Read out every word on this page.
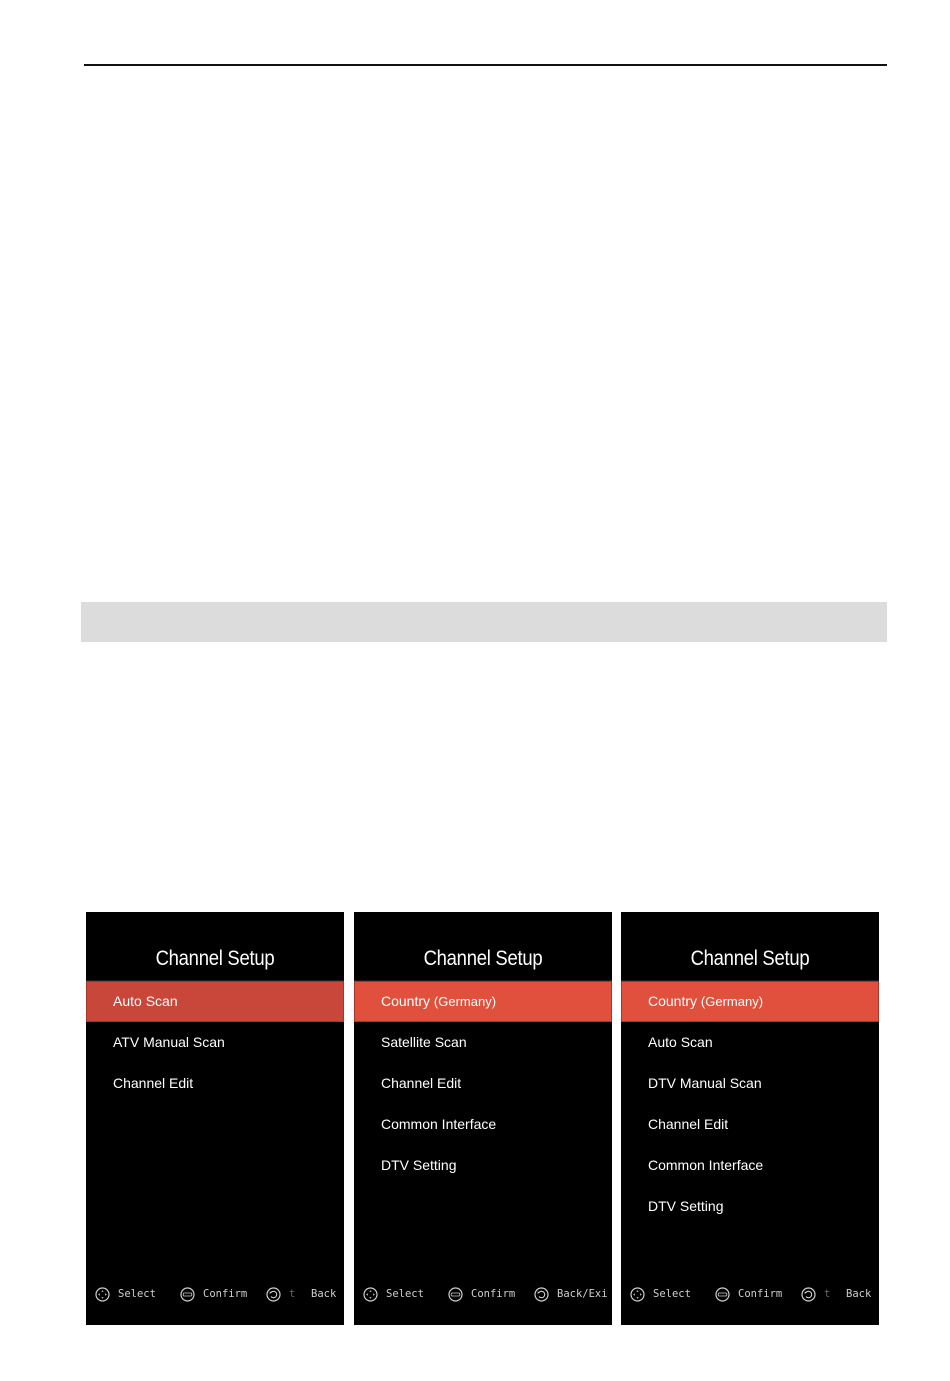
Channel Setup
Auto Scan
ATV Manual Scan
Channel Edit
Select	Confirm	t	Back
Channel Setup
Country (Germany)
Satellite Scan
Channel Edit
Common Interface
DTV Setting
Select	Confirm	Back/Exi
Channel Setup
Country (Germany)
Auto Scan
DTV Manual Scan
Channel Edit
Common Interface
DTV Setting
Select	Confirm	t	Back
